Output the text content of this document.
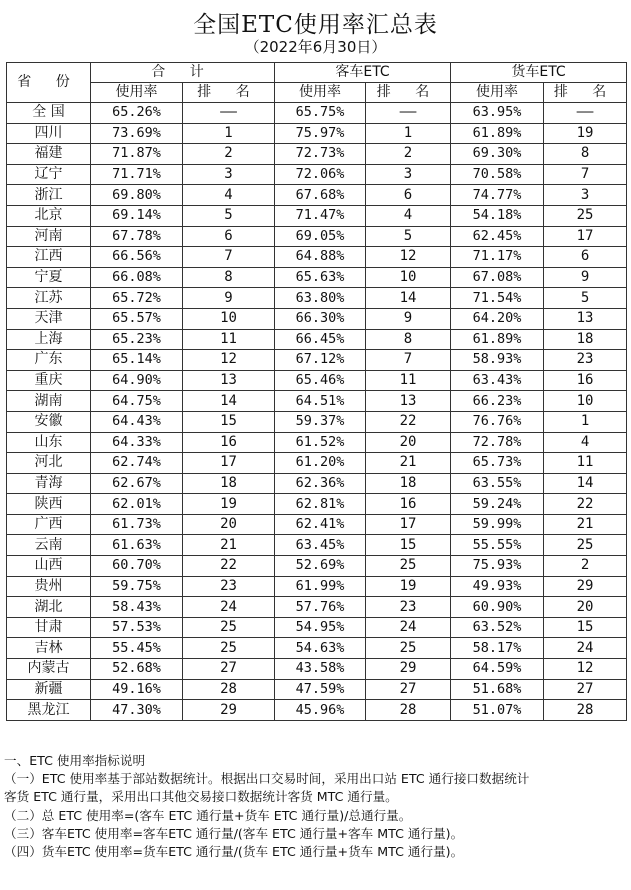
全国ETC使用率汇总表
（2022年6月30日）
省 份	合 计		客车ETC		货车ETC	
	使用率	排 名	使用率	排 名	使用率	排 名
全 国	65.26%	——	65.75%	——	63.95%	——
四川	73.69%	1	75.97%	1	61.89%	19
福建	71.87%	2	72.73%	2	69.30%	8
辽宁	71.71%	3	72.06%	3	70.58%	7
浙江	69.80%	4	67.68%	6	74.77%	3
北京	69.14%	5	71.47%	4	54.18%	25
河南	67.78%	6	69.05%	5	62.45%	17
江西	66.56%	7	64.88%	12	71.17%	6
宁夏	66.08%	8	65.63%	10	67.08%	9
江苏	65.72%	9	63.80%	14	71.54%	5
天津	65.57%	10	66.30%	9	64.20%	13
上海	65.23%	11	66.45%	8	61.89%	18
广东	65.14%	12	67.12%	7	58.93%	23
重庆	64.90%	13	65.46%	11	63.43%	16
湖南	64.75%	14	64.51%	13	66.23%	10
安徽	64.43%	15	59.37%	22	76.76%	1
山东	64.33%	16	61.52%	20	72.78%	4
河北	62.74%	17	61.20%	21	65.73%	11
青海	62.67%	18	62.36%	18	63.55%	14
陕西	62.01%	19	62.81%	16	59.24%	22
广西	61.73%	20	62.41%	17	59.99%	21
云南	61.63%	21	63.45%	15	55.55%	25
山西	60.70%	22	52.69%	25	75.93%	2
贵州	59.75%	23	61.99%	19	49.93%	29
湖北	58.43%	24	57.76%	23	60.90%	20
甘肃	57.53%	25	54.95%	24	63.52%	15
吉林	55.45%	25	54.63%	25	58.17%	24
内蒙古	52.68%	27	43.58%	29	64.59%	12
新疆	49.16%	28	47.59%	27	51.68%	27
黑龙江	47.30%	29	45.96%	28	51.07%	28

一、ETC 使用率指标说明

（一）ETC 使用率基于部站数据统计。根据出口交易时间，采用出口站 ETC 通行接口数据统计

客货 ETC 通行量，采用出口其他交易接口数据统计客货 MTC 通行量。

（二）总 ETC 使用率=(客车 ETC 通行量+货车 ETC 通行量)/总通行量。

（三）客车ETC 使用率=客车ETC 通行量/(客车 ETC 通行量+客车 MTC 通行量)。

（四）货车ETC 使用率=货车ETC 通行量/(货车 ETC 通行量+货车 MTC 通行量)。
